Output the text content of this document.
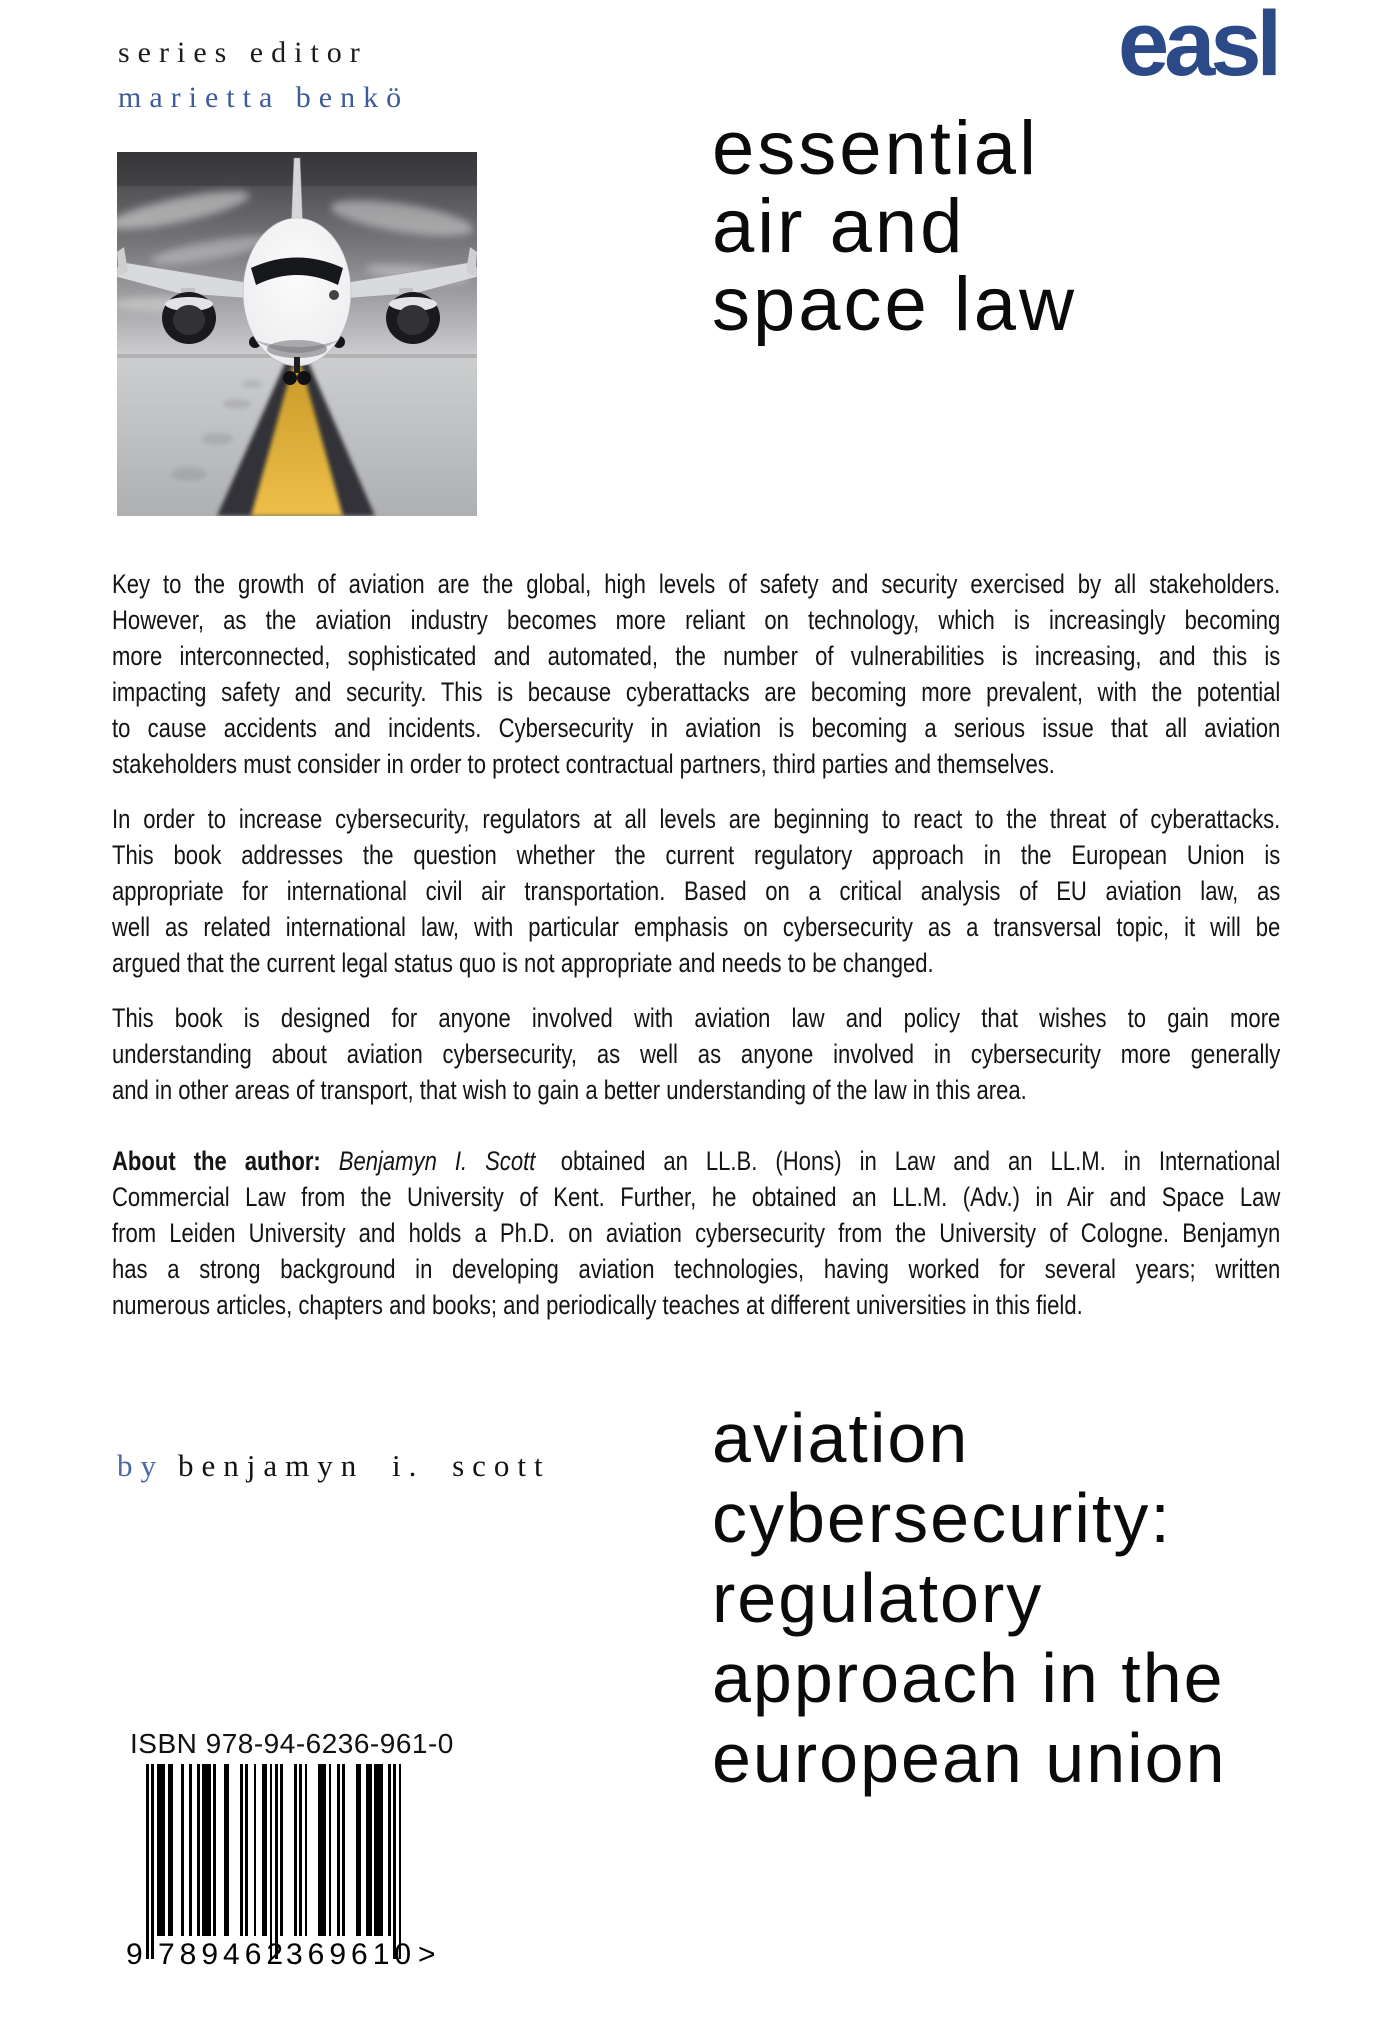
series editor
marietta benkö
easl
essential
air and
space law
Key to the growth of aviation are the global, high levels of safety and security exercised by all stakeholders.
However, as the aviation industry becomes more reliant on technology, which is increasingly becoming
more interconnected, sophisticated and automated, the number of vulnerabilities is increasing, and this is
impacting safety and security. This is because cyberattacks are becoming more prevalent, with the potential
to cause accidents and incidents. Cybersecurity in aviation is becoming a serious issue that all aviation
stakeholders must consider in order to protect contractual partners, third parties and themselves.
In order to increase cybersecurity, regulators at all levels are beginning to react to the threat of cyberattacks.
This book addresses the question whether the current regulatory approach in the European Union is
appropriate for international civil air transportation. Based on a critical analysis of EU aviation law, as
well as related international law, with particular emphasis on cybersecurity as a transversal topic, it will be
argued that the current legal status quo is not appropriate and needs to be changed.
This book is designed for anyone involved with aviation law and policy that wishes to gain more
understanding about aviation cybersecurity, as well as anyone involved in cybersecurity more generally
and in other areas of transport, that wish to gain a better understanding of the law in this area.
About the author: Benjamyn I. Scott obtained an LL.B. (Hons) in Law and an LL.M. in International
Commercial Law from the University of Kent. Further, he obtained an LL.M. (Adv.) in Air and Space Law
from Leiden University and holds a Ph.D. on aviation cybersecurity from the University of Cologne. Benjamyn
has a strong background in developing aviation technologies, having worked for several years; written
numerous articles, chapters and books; and periodically teaches at different universities in this field.
by benjamyn i. scott aviation
cybersecurity:
regulatory
approach in the
european union
ISBN 978-94-6236-961-0
9 789462
369610 >
